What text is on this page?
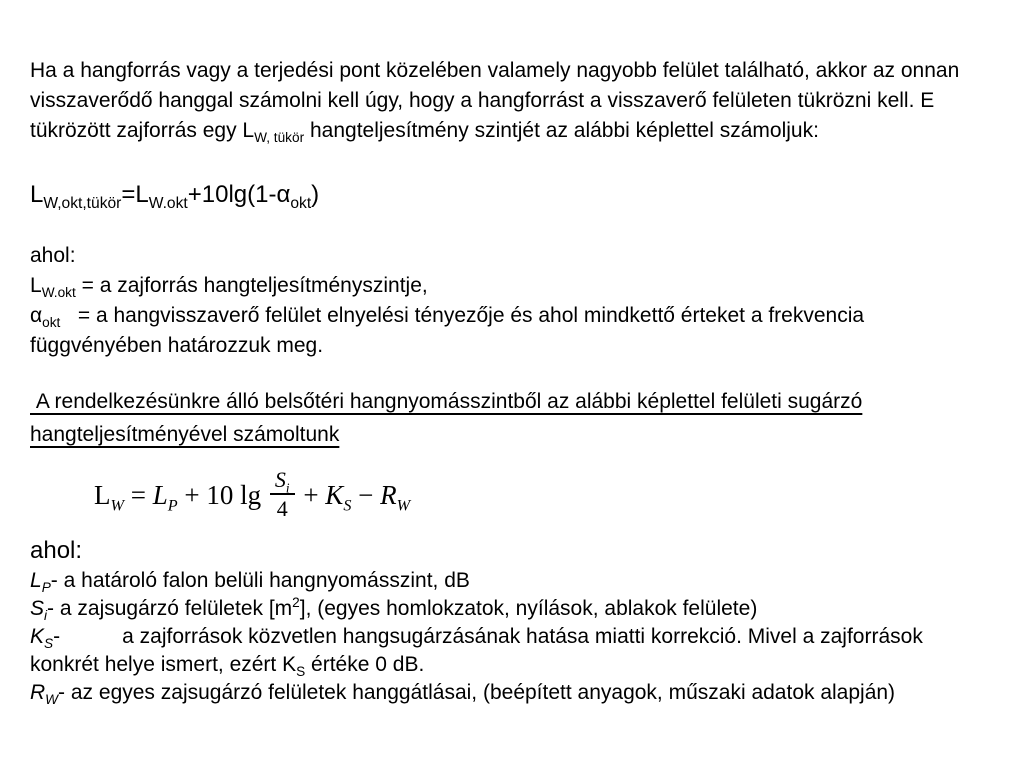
Ha a hangforrás vagy a terjedési pont közelében valamely nagyobb felület található, akkor az onnan visszaverődő hanggal számolni kell úgy, hogy a hangforrást a visszaverő felületen tükrözni kell. E tükrözött zajforrás egy $L_{W, tükör}$ hangteljesítmény szintjét az alábbi képlettel számoljuk:

$L_{W,okt,tükör}=L_{W.okt}+10\lg(1-\alpha_{okt})$

ahol:

$L_{W.okt} = a$ zajforrás hangteljesítményszintje,

$\alpha_{okt} = a$ hangvisszaverő felület elnyelési tényezője és ahol mindkettő érteket a frekvencia függvényében határozzuk meg.

A rendelkezésünkre álló belsőtéri hangnyomásszintből az alábbi képlettel felületi sugárzó hangteljesítményével számoltunk

$L_W = L_P + 10$ $\lg \frac{S_i}{4} + K_S - R_W$

ahol:

$L_P-$ a határoló falon belüli hangnyomásszint, dB

$S_i-$ a zajsugárzó felületek $[m^2]$, (egyes homlokzatok, nyílások, ablakok felülete)

$K_S-$	a zajforrások közvetlen hangsugárzásának hatása miatti korrekció. Mivel a zajforrások konkrét helye ismert, ezért $K_S$ értéke 0 dB.

$R_W-$ az egyes zajsugárzó felületek hanggátlásai, (beépített anyagok, műszaki adatok alapján)
